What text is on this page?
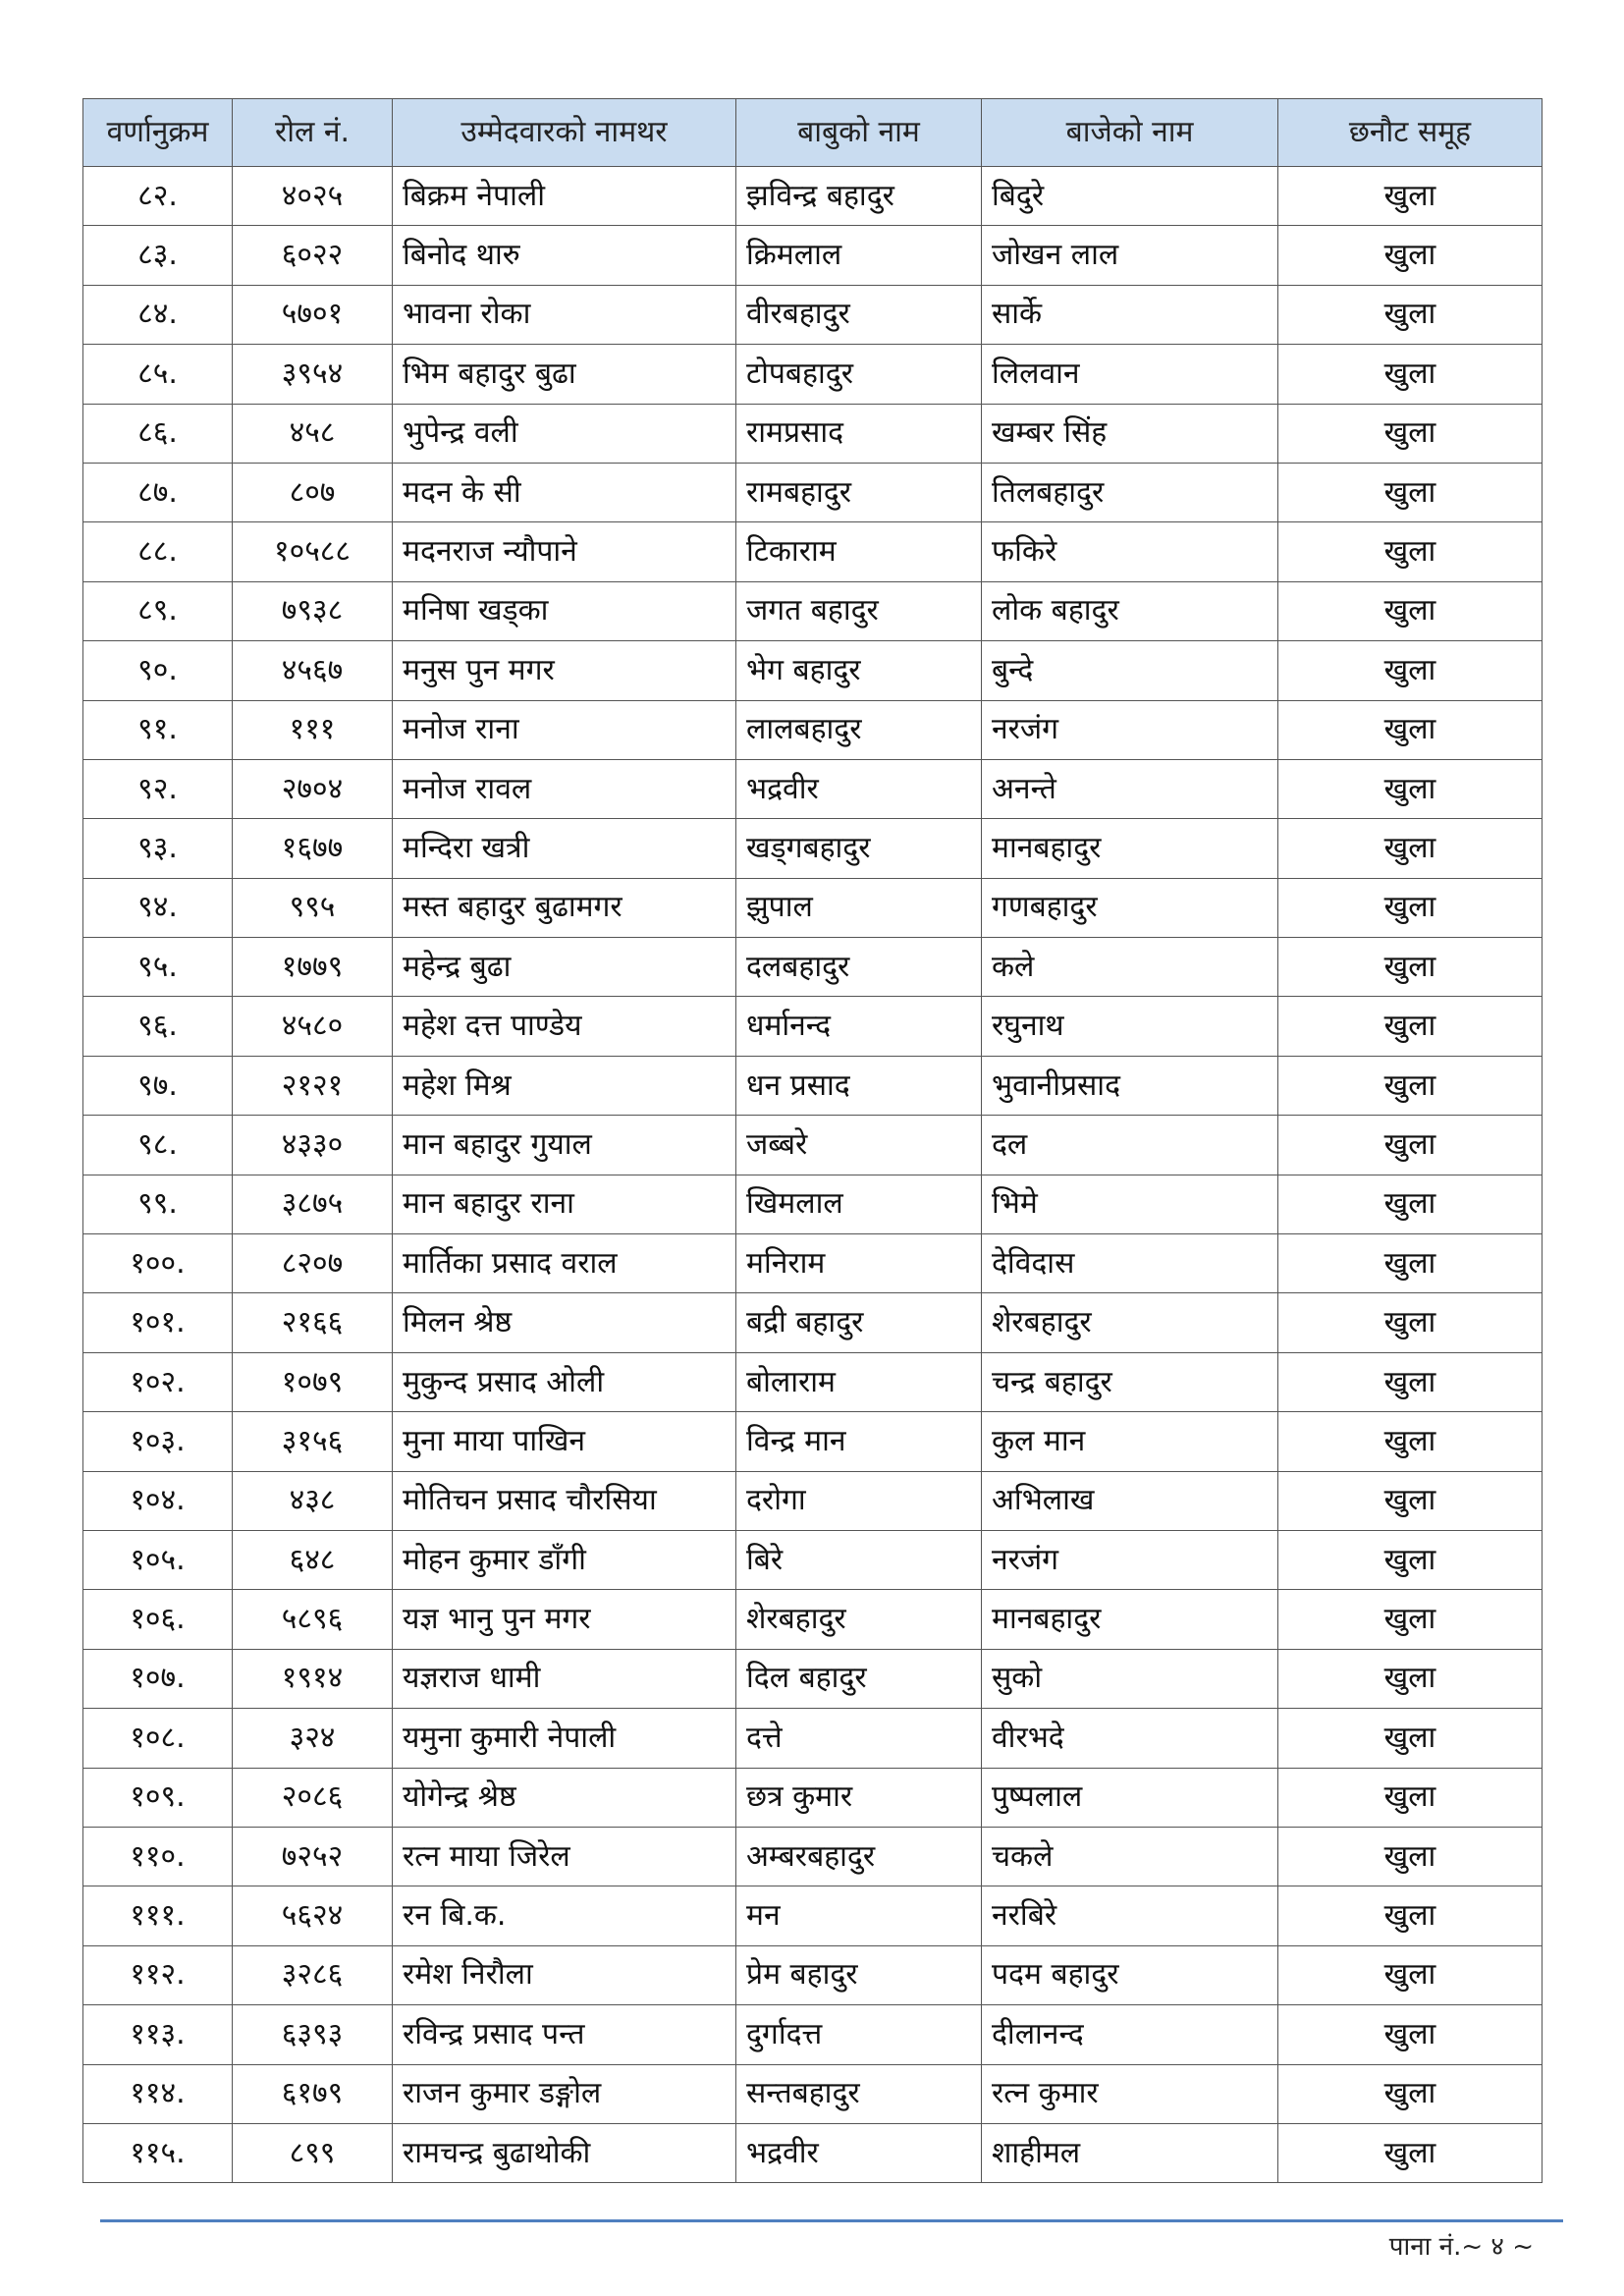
वर्णानुक्रम	रोल नं.	उम्मेदवारको नामथर	बाबुको नाम	बाजेको नाम	छनौट समूह
८२.	४०२५	बिक्रम नेपाली	झविन्द्र बहादुर	बिदुरे	खुला
८३.	६०२२	बिनोद थारु	क्रिमलाल	जोखन लाल	खुला
८४.	५७०१	भावना रोका	वीरबहादुर	सार्के	खुला
८५.	३९५४	भिम बहादुर बुढा	टोपबहादुर	लिलवान	खुला
८६.	४५८	भुपेन्द्र वली	रामप्रसाद	खम्बर सिंह	खुला
८७.	८०७	मदन के सी	रामबहादुर	तिलबहादुर	खुला
८८.	१०५८८	मदनराज न्यौपाने	टिकाराम	फकिरे	खुला
८९.	७९३८	मनिषा खड्का	जगत बहादुर	लोक बहादुर	खुला
९०.	४५६७	मनुस पुन मगर	भेग बहादुर	बुन्दे	खुला
९१.	१११	मनोज राना	लालबहादुर	नरजंग	खुला
९२.	२७०४	मनोज रावल	भद्रवीर	अनन्ते	खुला
९३.	१६७७	मन्दिरा खत्री	खड्गबहादुर	मानबहादुर	खुला
९४.	९९५	मस्त बहादुर बुढामगर	झुपाल	गणबहादुर	खुला
९५.	१७७९	महेन्द्र बुढा	दलबहादुर	कले	खुला
९६.	४५८०	महेश दत्त पाण्डेय	धर्मानन्द	रघुनाथ	खुला
९७.	२१२१	महेश मिश्र	धन प्रसाद	भुवानीप्रसाद	खुला
९८.	४३३०	मान बहादुर गुयाल	जब्बरे	दल	खुला
९९.	३८७५	मान बहादुर राना	खिमलाल	भिमे	खुला
१००.	८२०७	मार्तिका प्रसाद वराल	मनिराम	देविदास	खुला
१०१.	२१६६	मिलन श्रेष्ठ	बद्री बहादुर	शेरबहादुर	खुला
१०२.	१०७९	मुकुन्द प्रसाद ओली	बोलाराम	चन्द्र बहादुर	खुला
१०३.	३१५६	मुना माया पाखिन	विन्द्र मान	कुल मान	खुला
१०४.	४३८	मोतिचन प्रसाद चौरसिया	दरोगा	अभिलाख	खुला
१०५.	६४८	मोहन कुमार डाँगी	बिरे	नरजंग	खुला
१०६.	५८९६	यज्ञ भानु पुन मगर	शेरबहादुर	मानबहादुर	खुला
१०७.	१९१४	यज्ञराज धामी	दिल बहादुर	सुको	खुला
१०८.	३२४	यमुना कुमारी नेपाली	दत्ते	वीरभदे	खुला
१०९.	२०८६	योगेन्द्र श्रेष्ठ	छत्र कुमार	पुष्पलाल	खुला
११०.	७२५२	रत्न माया जिरेल	अम्बरबहादुर	चकले	खुला
१११.	५६२४	रन बि.क.	मन	नरबिरे	खुला
११२.	३२८६	रमेश निरौला	प्रेम बहादुर	पदम बहादुर	खुला
११३.	६३९३	रविन्द्र प्रसाद पन्त	दुर्गादत्त	दीलानन्द	खुला
११४.	६१७९	राजन कुमार डङ्गोल	सन्तबहादुर	रत्न कुमार	खुला
११५.	८९९	रामचन्द्र बुढाथोकी	भद्रवीर	शाहीमल	खुला
पाना नं.~ ४ ~
